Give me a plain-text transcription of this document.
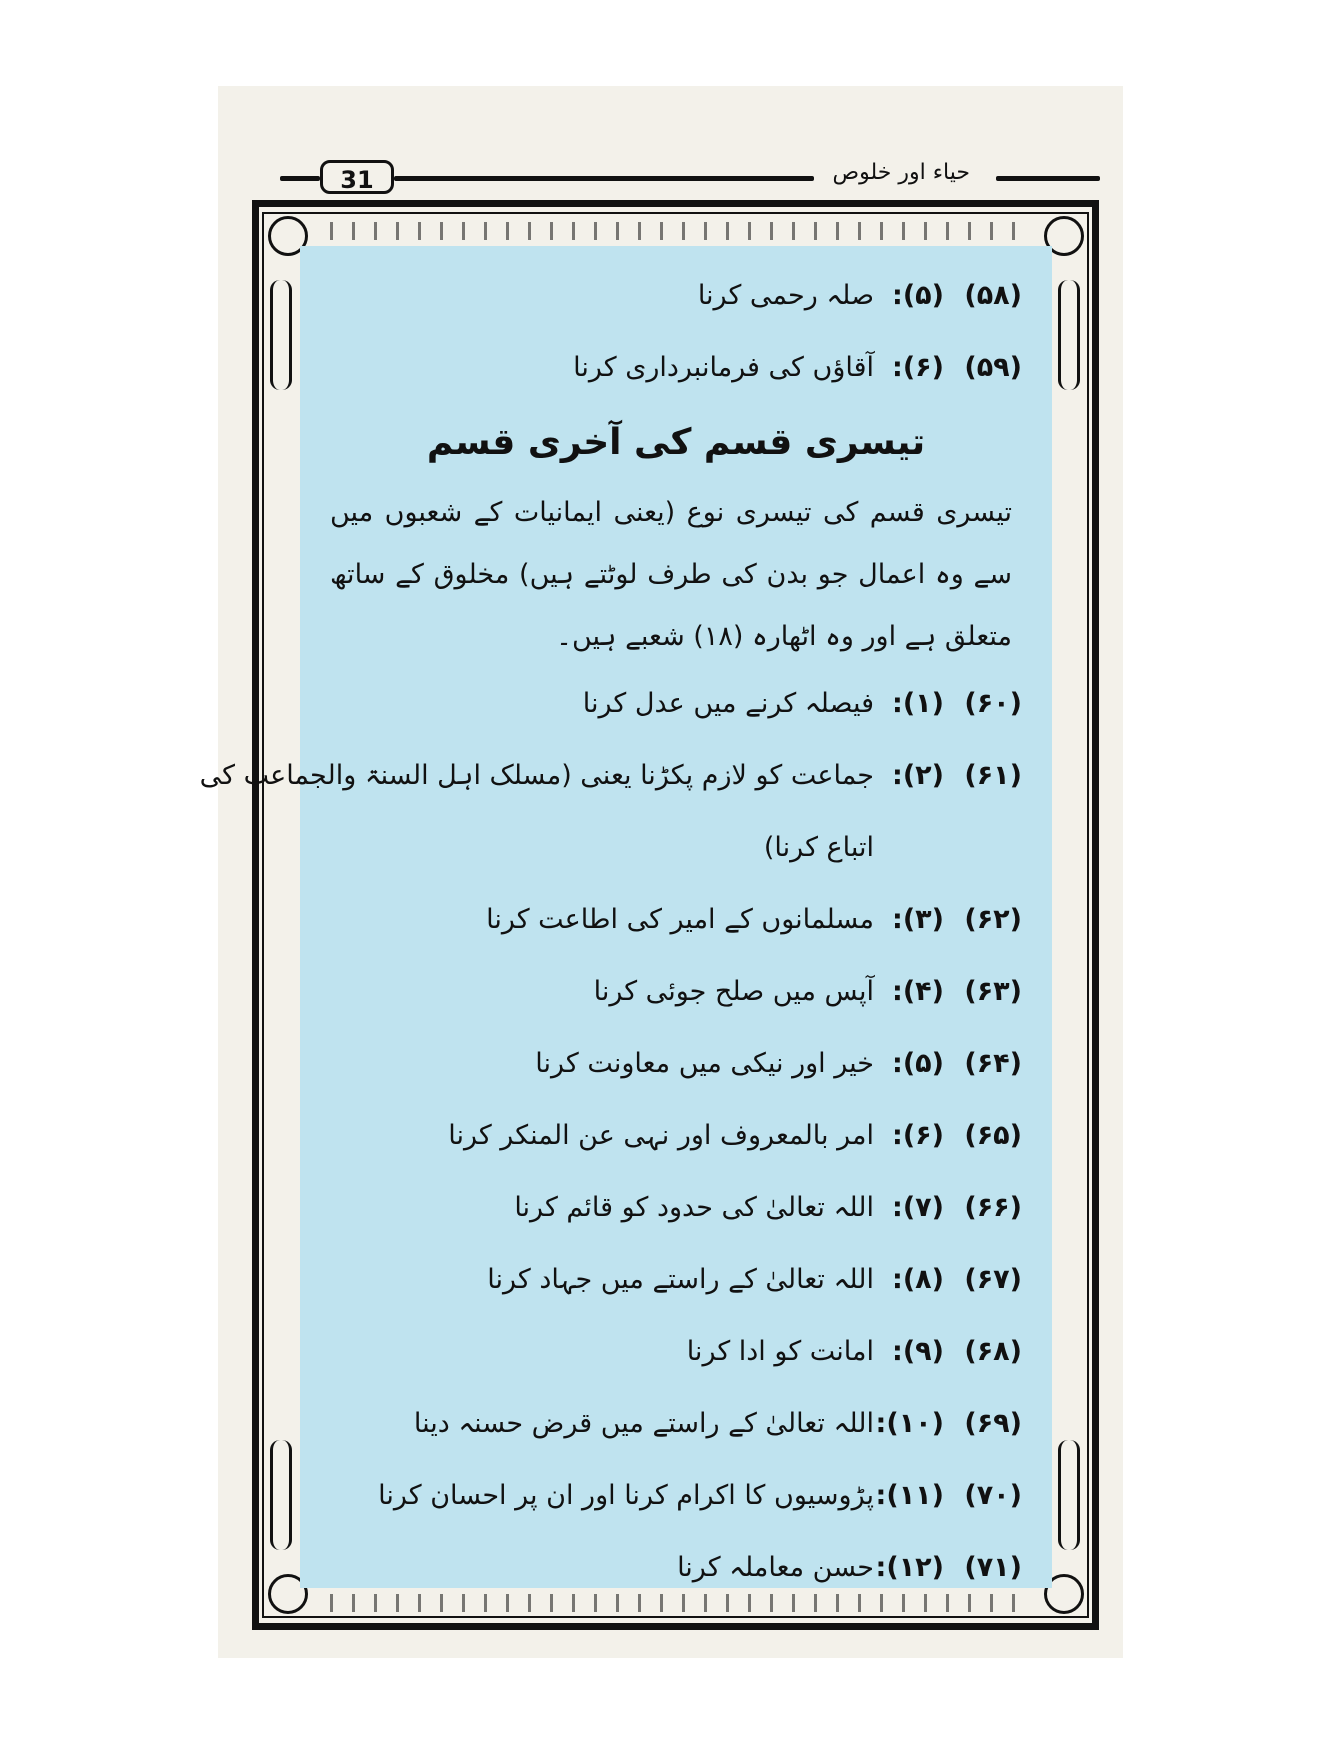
31	حیاء اور خلوص
(۵۸)(۵):صلہ رحمی کرنا
(۵۹)(۶):آقاؤں کی فرمانبرداری کرنا
تیسری قسم کی آخری قسم
تیسری قسم کی تیسری نوع (یعنی ایمانیات کے شعبوں میں سے وہ اعمال جو بدن کی طرف لوٹتے ہیں) مخلوق کے ساتھ متعلق ہے اور وہ اٹھارہ (۱۸) شعبے ہیں۔
(۶۰)(۱):فیصلہ کرنے میں عدل کرنا
(۶۱)(۲):جماعت کو لازم پکڑنا یعنی (مسلک اہل السنۃ والجماعت کی
اتباع کرنا)
(۶۲)(۳):مسلمانوں کے امیر کی اطاعت کرنا
(۶۳)(۴):آپس میں صلح جوئی کرنا
(۶۴)(۵):خیر اور نیکی میں معاونت کرنا
(۶۵)(۶):امر بالمعروف اور نہی عن المنکر کرنا
(۶۶)(۷):اللہ تعالیٰ کی حدود کو قائم کرنا
(۶۷)(۸):اللہ تعالیٰ کے راستے میں جہاد کرنا
(۶۸)(۹):امانت کو ادا کرنا
(۶۹)(۱۰):اللہ تعالیٰ کے راستے میں قرض حسنہ دینا
(۷۰)(۱۱):پڑوسیوں کا اکرام کرنا اور ان پر احسان کرنا
(۷۱)(۱۲):حسن معاملہ کرنا
